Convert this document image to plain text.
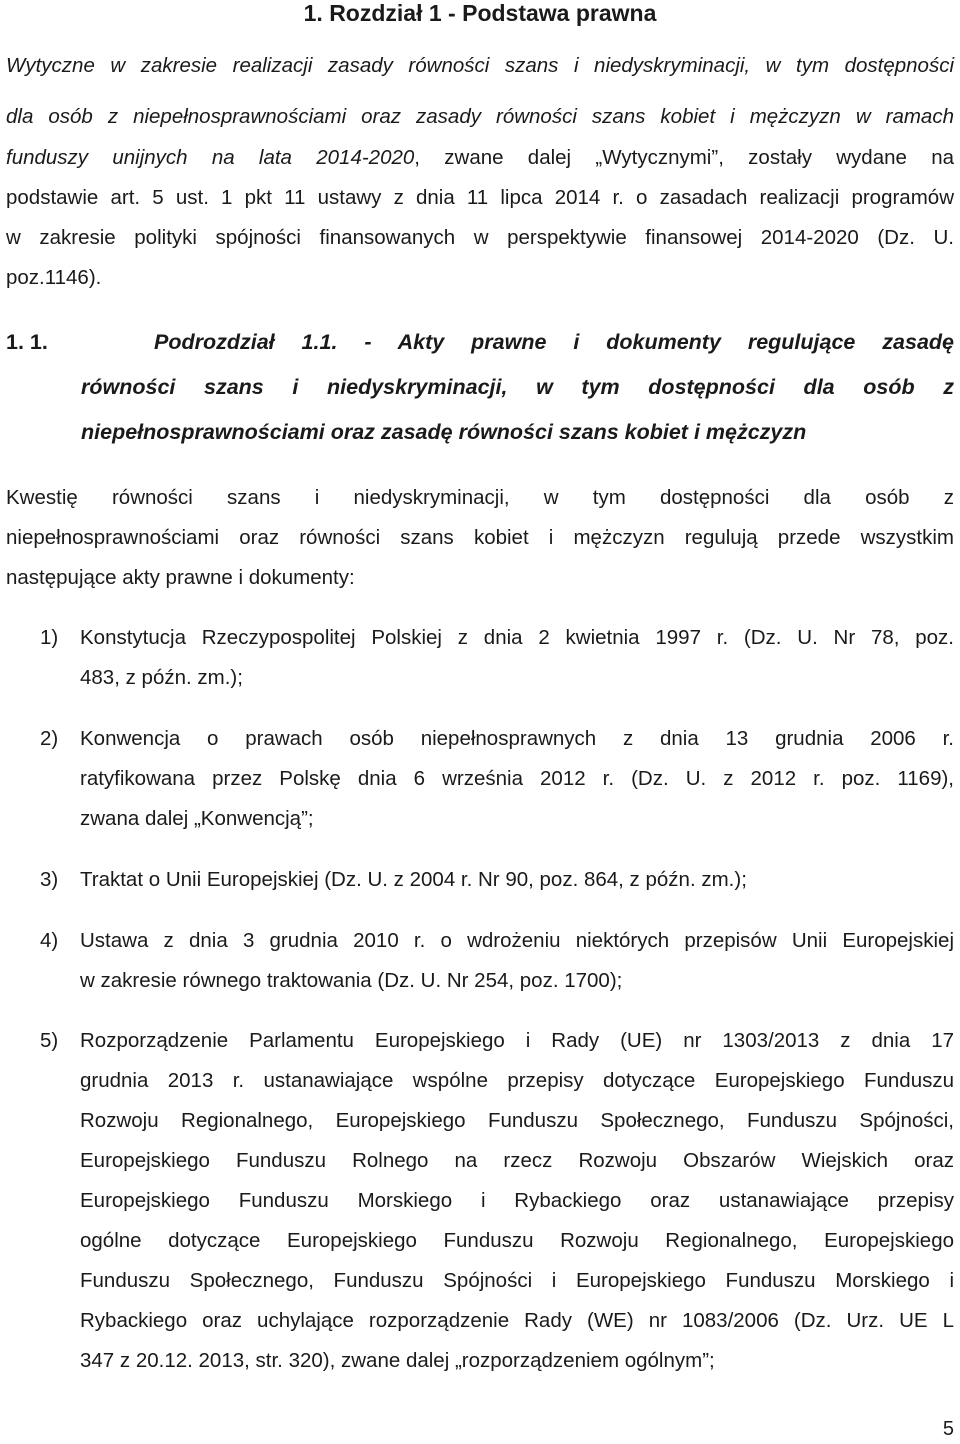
1. Rozdział 1 - Podstawa prawna
Wytyczne w zakresie realizacji zasady równości szans i niedyskryminacji, w tym dostępności
dla osób z niepełnosprawnościami oraz zasady równości szans kobiet i mężczyzn w ramach
funduszy unijnych na lata 2014-2020, zwane dalej „Wytycznymi”, zostały wydane na
podstawie art. 5 ust. 1 pkt 11 ustawy z dnia 11 lipca 2014 r. o zasadach realizacji programów
w zakresie polityki spójności finansowanych w perspektywie finansowej 2014-2020 (Dz. U.
poz.1146).
1. 1.	Podrozdział 1.1. - Akty prawne i dokumenty regulujące zasadę
równości szans i niedyskryminacji, w tym dostępności dla osób z
niepełnosprawnościami oraz zasadę równości szans kobiet i mężczyzn
Kwestię równości szans i niedyskryminacji, w tym dostępności dla osób z
niepełnosprawnościami oraz równości szans kobiet i mężczyzn regulują przede wszystkim
następujące akty prawne i dokumenty:
1) Konstytucja Rzeczypospolitej Polskiej z dnia 2 kwietnia 1997 r. (Dz. U. Nr 78, poz.
483, z późn. zm.);
2) Konwencja o prawach osób niepełnosprawnych z dnia 13 grudnia 2006 r.
ratyfikowana przez Polskę dnia 6 września 2012 r. (Dz. U. z 2012 r. poz. 1169),
zwana dalej „Konwencją”;
3) Traktat o Unii Europejskiej (Dz. U. z 2004 r. Nr 90, poz. 864, z późn. zm.);
4) Ustawa z dnia 3 grudnia 2010 r. o wdrożeniu niektórych przepisów Unii Europejskiej
w zakresie równego traktowania (Dz. U. Nr 254, poz. 1700);
5) Rozporządzenie Parlamentu Europejskiego i Rady (UE) nr 1303/2013 z dnia 17
grudnia 2013 r. ustanawiające wspólne przepisy dotyczące Europejskiego Funduszu
Rozwoju Regionalnego, Europejskiego Funduszu Społecznego, Funduszu Spójności,
Europejskiego Funduszu Rolnego na rzecz Rozwoju Obszarów Wiejskich oraz
Europejskiego Funduszu Morskiego i Rybackiego oraz ustanawiające przepisy
ogólne dotyczące Europejskiego Funduszu Rozwoju Regionalnego, Europejskiego
Funduszu Społecznego, Funduszu Spójności i Europejskiego Funduszu Morskiego i
Rybackiego oraz uchylające rozporządzenie Rady (WE) nr 1083/2006 (Dz. Urz. UE L
347 z 20.12. 2013, str. 320), zwane dalej „rozporządzeniem ogólnym”;
5
